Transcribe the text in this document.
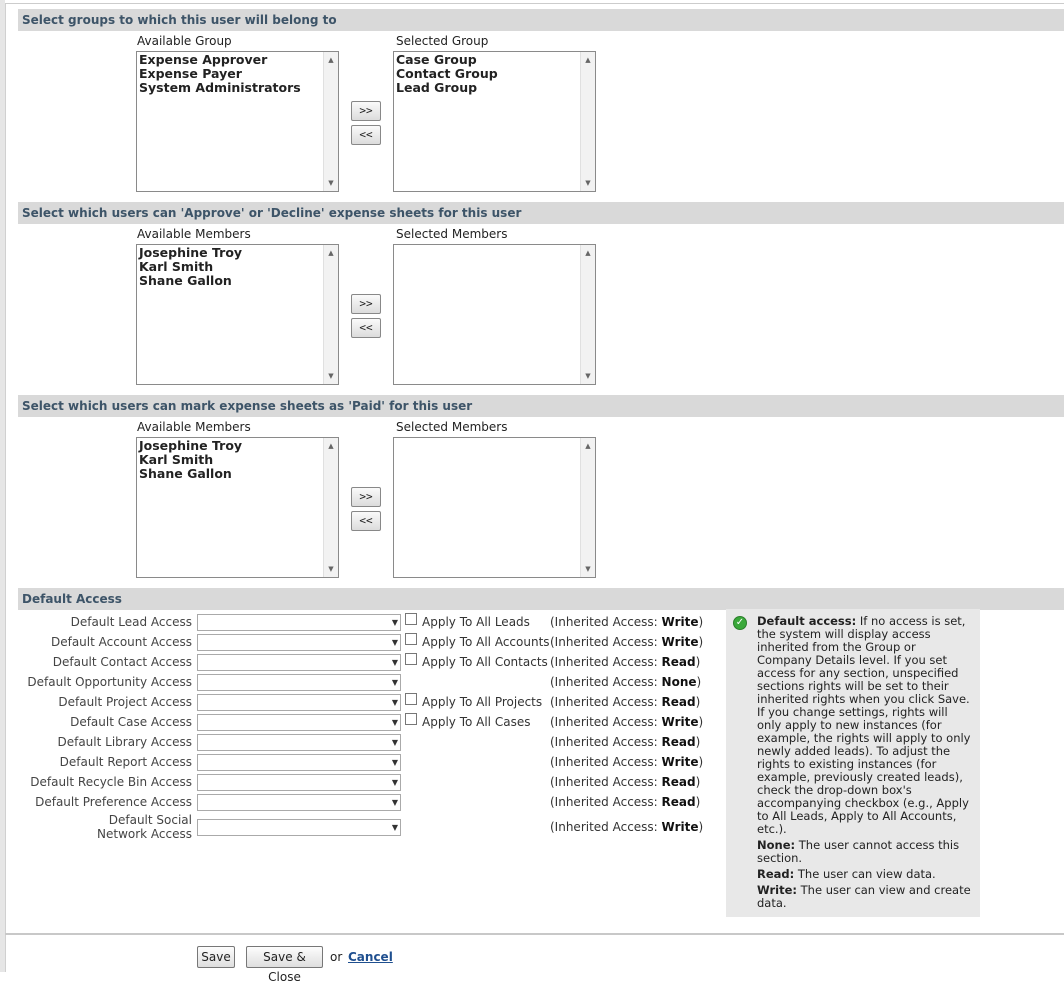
Select groups to which this user will belong to
Available Group	Selected Group
Expense Approver
Expense Payer
System Administrators
▲
▼
>>
<<
Case Group
Contact Group
Lead Group
▲
▼
Select which users can 'Approve' or 'Decline' expense sheets for this user
Available Members	Selected Members
Josephine Troy
Karl Smith
Shane Gallon
▲
▼
>>
<<
▲
▼
Select which users can mark expense sheets as 'Paid' for this user
Available Members	Selected Members
Josephine Troy
Karl Smith
Shane Gallon
▲
▼
>>
<<
▲
▼
Default Access
Default Lead Access	▼ Apply To All Leads (Inherited Access: Write)
Default Account Access	▼ Apply To All Accounts (Inherited Access: Write)
Default Contact Access	▼ Apply To All Contacts (Inherited Access: Read)
Default Opportunity Access	▼	(Inherited Access: None)
Default Project Access	▼ Apply To All Projects (Inherited Access: Read)
Default Case Access	▼ Apply To All Cases (Inherited Access: Write)
Default Library Access	▼	(Inherited Access: Read)
Default Report Access	▼	(Inherited Access: Write)
Default Recycle Bin Access	▼	(Inherited Access: Read)
Default Preference Access	▼	(Inherited Access: Read)
Default Social Network Access	▼	(Inherited Access: Write)
✓ Default access: If no access is set, the system will display access inherited from the Group or Company Details level. If you set access for any section, unspecified sections rights will be set to their inherited rights when you click Save. If you change settings, rights will only apply to new instances (for example, the rights will apply to only newly added leads). To adjust the rights to existing instances (for example, previously created leads), check the drop-down box's accompanying checkbox (e.g., Apply to All Leads, Apply to All Accounts, etc.).

None: The user cannot access this section.

Read: The user can view data.

Write: The user can view and create data.

Save	Save & Close
or Cancel
